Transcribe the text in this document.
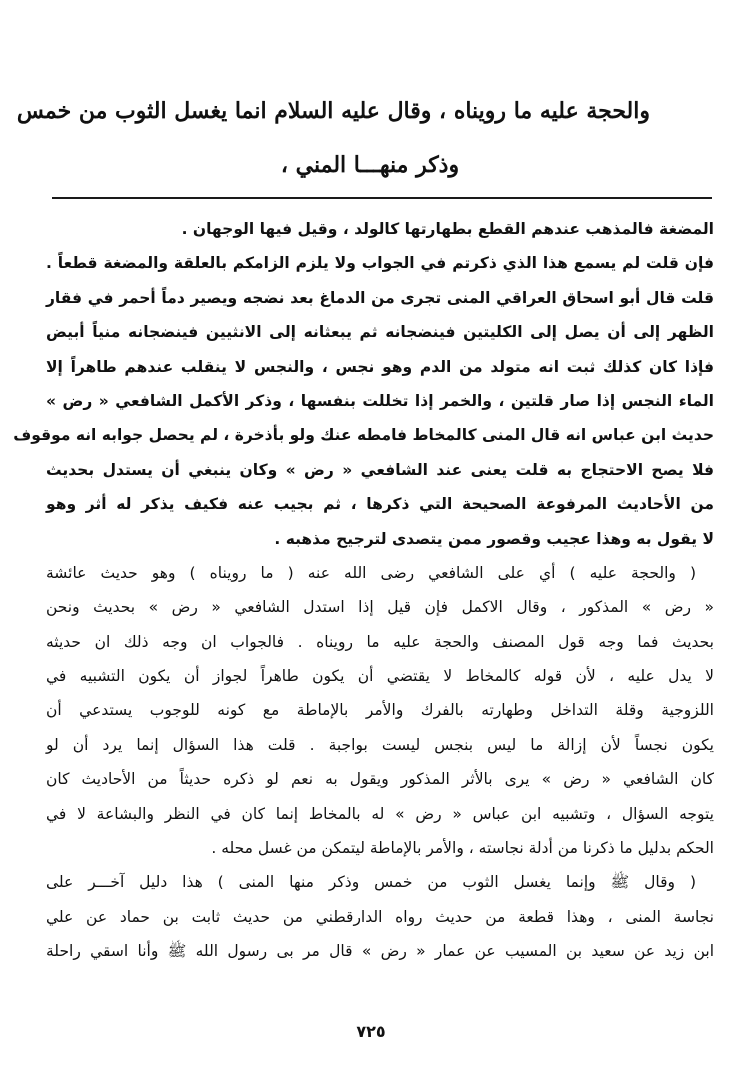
والحجة عليه ما رويناه ، وقال عليه السلام انما يغسل الثوب من خمس
وذكر منهـــا المني ،
المضغة فالمذهب عندهم القطع بطهارتها كالولد ، وقيل فيها الوجهان .
فإن قلت لم يسمع هذا الذي ذكرتم في الجواب ولا يلزم الزامكم بالعلقة والمضغة قطعاً .
قلت قال أبو اسحاق العراقي المنى تجرى من الدماغ بعد نضجه ويصير دماً أحمر في فقار
الظهر إلى أن يصل إلى الكليتين فينضجانه ثم يبعثانه إلى الانثيين فينضجانه منياً أبيض
فإذا كان كذلك ثبت انه متولد من الدم وهو نجس ، والنجس لا ينقلب عندهم طاهراً إلا
الماء النجس إذا صار قلتين ، والخمر إذا تخللت بنفسها ، وذكر الأكمل الشافعي « رض »
حديث ابن عباس انه قال المنى كالمخاط فامطه عنك ولو بأذخرة ، لم يحصل جوابه انه موقوف
فلا يصح الاحتجاج به قلت يعنى عند الشافعي « رض » وكان ينبغي أن يستدل بحديث
من الأحاديث المرفوعة الصحيحة التي ذكرها ، ثم بجيب عنه فكيف يذكر له أثر وهو
لا يقول به وهذا عجيب وقصور ممن يتصدى لترجيح مذهبه .
( والحجة عليه ) أي على الشافعي رضى الله عنه ( ما رويناه ) وهو حديث عائشة
« رض » المذكور ، وقال الاكمل فإن قيل إذا استدل الشافعي « رض » بحديث ونحن
بحديث فما وجه قول المصنف والحجة عليه ما رويناه . فالجواب ان وجه ذلك ان حديثه
لا يدل عليه ، لأن قوله كالمخاط لا يقتضي أن يكون طاهراً لجواز أن يكون التشبيه في
اللزوجية وقلة التداخل وطهارته بالفرك والأمر بالإماطة مع كونه للوجوب يستدعي أن
يكون نجساً لأن إزالة ما ليس بنجس ليست بواجبة . قلت هذا السؤال إنما يرد أن لو
كان الشافعي « رض » يرى بالأثر المذكور ويقول به نعم لو ذكره حديثاً من الأحاديث كان
يتوجه السؤال ، وتشبيه ابن عباس « رض » له بالمخاط إنما كان في النظر والبشاعة لا في
الحكم بدليل ما ذكرنا من أدلة نجاسته ، والأمر بالإماطة ليتمكن من غسل محله .
( وقال ﷺ وإنما يغسل الثوب من خمس وذكر منها المنى ) هذا دليل آخـــر على
نجاسة المنى ، وهذا قطعة من حديث رواه الدارقطني من حديث ثابت بن حماد عن علي
ابن زيد عن سعيد بن المسيب عن عمار « رض » قال مر بى رسول الله ﷺ وأنا اسقي راحلة
٧٢٥
